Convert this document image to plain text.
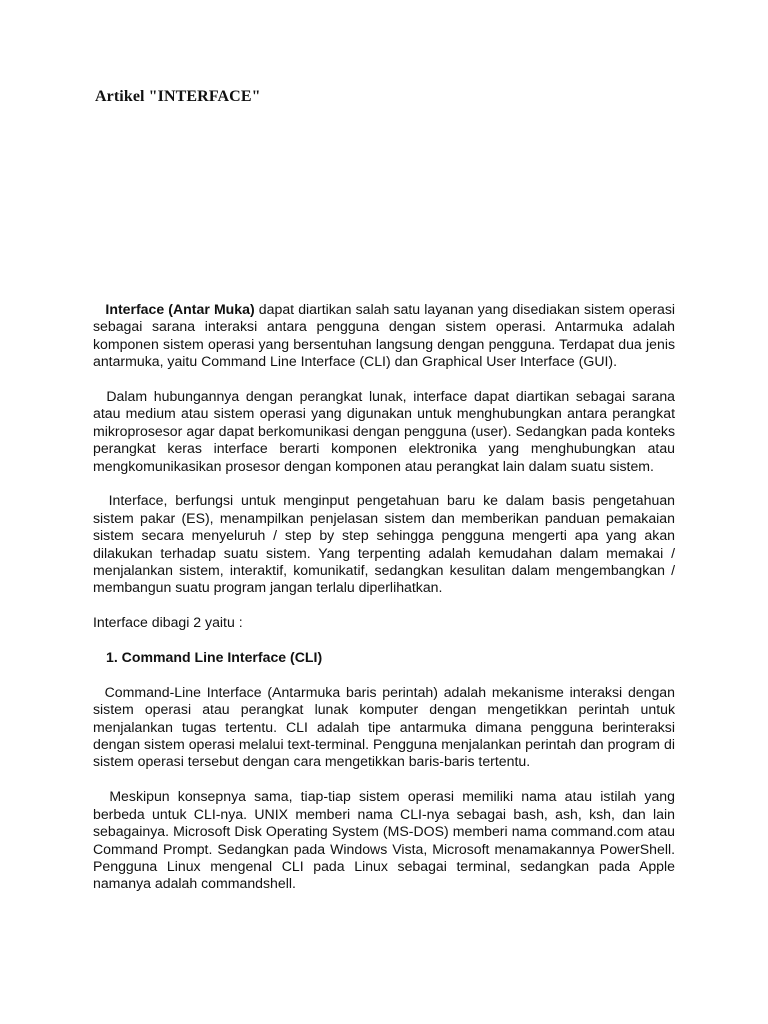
Artikel "INTERFACE"

Interface (Antar Muka) dapat diartikan salah satu layanan yang disediakan sistem operasi sebagai sarana interaksi antara pengguna dengan sistem operasi. Antarmuka adalah komponen sistem operasi yang bersentuhan langsung dengan pengguna. Terdapat dua jenis antarmuka, yaitu Command Line Interface (CLI) dan Graphical User Interface (GUI).

Dalam hubungannya dengan perangkat lunak, interface dapat diartikan sebagai sarana atau medium atau sistem operasi yang digunakan untuk menghubungkan antara perangkat mikroprosesor agar dapat berkomunikasi dengan pengguna (user). Sedangkan pada konteks perangkat keras interface berarti komponen elektronika yang menghubungkan atau mengkomunikasikan prosesor dengan komponen atau perangkat lain dalam suatu sistem.

Interface, berfungsi untuk menginput pengetahuan baru ke dalam basis pengetahuan sistem pakar (ES), menampilkan penjelasan sistem dan memberikan panduan pemakaian sistem secara menyeluruh / step by step sehingga pengguna mengerti apa yang akan dilakukan terhadap suatu sistem. Yang terpenting adalah kemudahan dalam memakai / menjalankan sistem, interaktif, komunikatif, sedangkan kesulitan dalam mengembangkan / membangun suatu program jangan terlalu diperlihatkan.

Interface dibagi 2 yaitu :

1. Command Line Interface (CLI)

Command-Line Interface (Antarmuka baris perintah) adalah mekanisme interaksi dengan sistem operasi atau perangkat lunak komputer dengan mengetikkan perintah untuk menjalankan tugas tertentu. CLI adalah tipe antarmuka dimana pengguna berinteraksi dengan sistem operasi melalui text-terminal. Pengguna menjalankan perintah dan program di sistem operasi tersebut dengan cara mengetikkan baris-baris tertentu.

Meskipun konsepnya sama, tiap-tiap sistem operasi memiliki nama atau istilah yang berbeda untuk CLI-nya. UNIX memberi nama CLI-nya sebagai bash, ash, ksh, dan lain sebagainya. Microsoft Disk Operating System (MS-DOS) memberi nama command.com atau Command Prompt. Sedangkan pada Windows Vista, Microsoft menamakannya PowerShell. Pengguna Linux mengenal CLI pada Linux sebagai terminal, sedangkan pada Apple namanya adalah commandshell.
